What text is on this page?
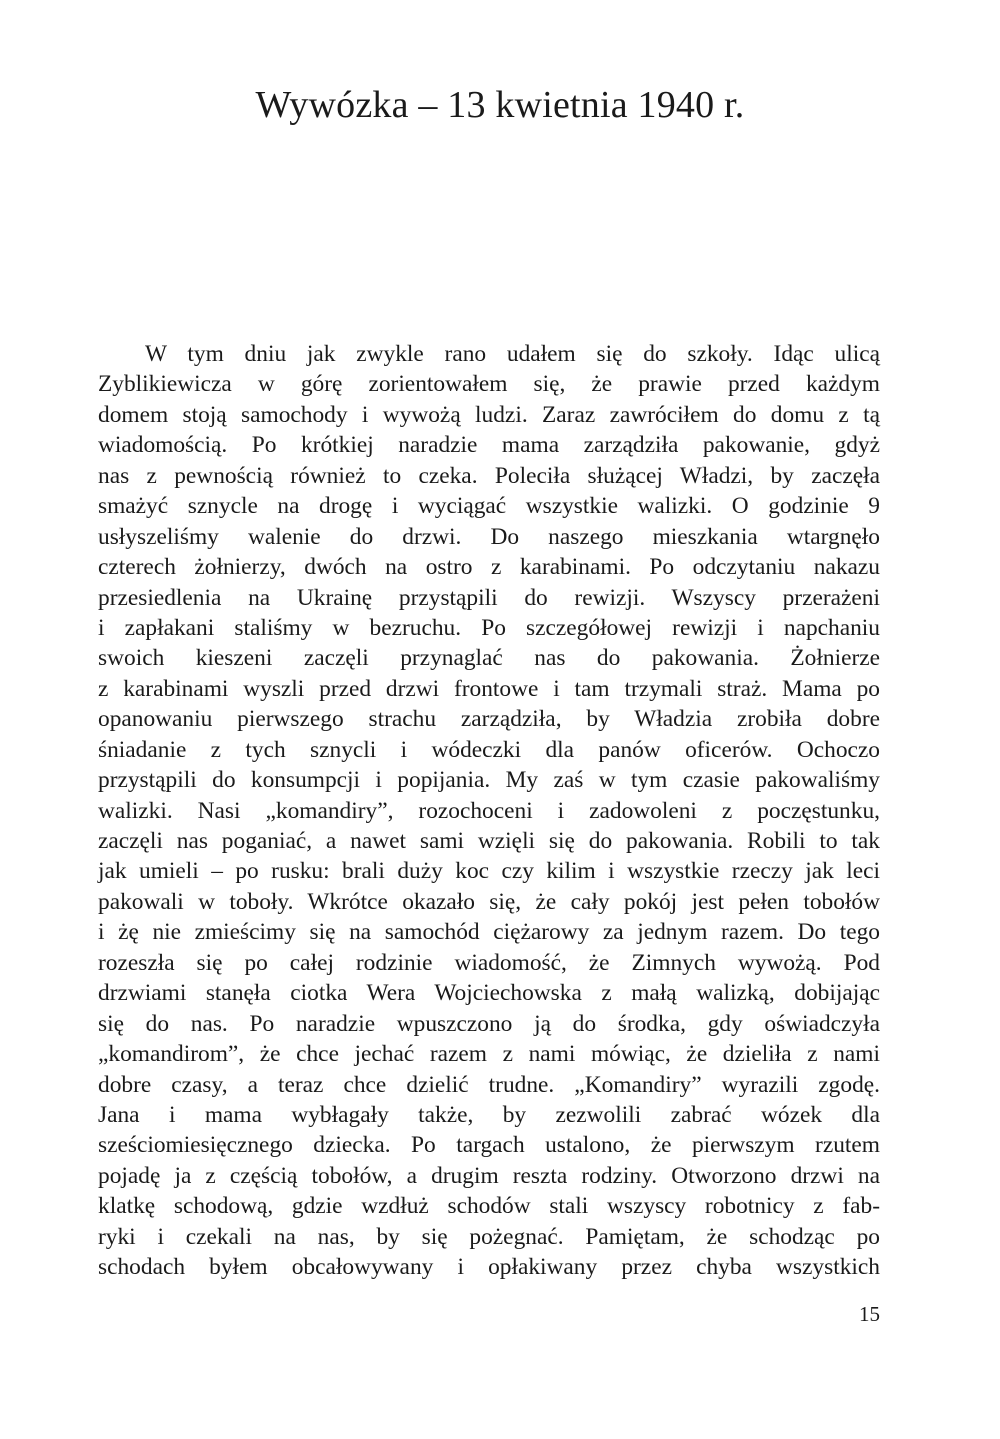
Wywózka – 13 kwietnia 1940 r.
W tym dniu jak zwykle rano udałem się do szkoły. Idąc ulicą
Zyblikiewicza w górę zorientowałem się, że prawie przed każdym
domem stoją samochody i wywożą ludzi. Zaraz zawróciłem do domu z tą
wiadomością. Po krótkiej naradzie mama zarządziła pakowanie, gdyż
nas z pewnością również to czeka. Poleciła służącej Władzi, by zaczęła
smażyć sznycle na drogę i wyciągać wszystkie walizki. O godzinie 9
usłyszeliśmy walenie do drzwi. Do naszego mieszkania wtargnęło
czterech żołnierzy, dwóch na ostro z karabinami. Po odczytaniu nakazu
przesiedlenia na Ukrainę przystąpili do rewizji. Wszyscy przerażeni
i zapłakani staliśmy w bezruchu. Po szczegółowej rewizji i napchaniu
swoich kieszeni zaczęli przynaglać nas do pakowania. Żołnierze
z karabinami wyszli przed drzwi frontowe i tam trzymali straż. Mama po
opanowaniu pierwszego strachu zarządziła, by Władzia zrobiła dobre
śniadanie z tych sznycli i wódeczki dla panów oficerów. Ochoczo
przystąpili do konsumpcji i popijania. My zaś w tym czasie pakowaliśmy
walizki. Nasi „komandiry”, rozochoceni i zadowoleni z poczęstunku,
zaczęli nas poganiać, a nawet sami wzięli się do pakowania. Robili to tak
jak umieli – po rusku: brali duży koc czy kilim i wszystkie rzeczy jak leci
pakowali w toboły. Wkrótce okazało się, że cały pokój jest pełen tobołów
i żę nie zmieścimy się na samochód ciężarowy za jednym razem. Do tego
rozeszła się po całej rodzinie wiadomość, że Zimnych wywożą. Pod
drzwiami stanęła ciotka Wera Wojciechowska z małą walizką, dobijając
się do nas. Po naradzie wpuszczono ją do środka, gdy oświadczyła
„komandirom”, że chce jechać razem z nami mówiąc, że dzieliła z nami
dobre czasy, a teraz chce dzielić trudne. „Komandiry” wyrazili zgodę.
Jana i mama wybłagały także, by zezwolili zabrać wózek dla
sześciomiesięcznego dziecka. Po targach ustalono, że pierwszym rzutem
pojadę ja z częścią tobołów, a drugim reszta rodziny. Otworzono drzwi na
klatkę schodową, gdzie wzdłuż schodów stali wszyscy robotnicy z fab-
ryki i czekali na nas, by się pożegnać. Pamiętam, że schodząc po
schodach byłem obcałowywany i opłakiwany przez chyba wszystkich
15
